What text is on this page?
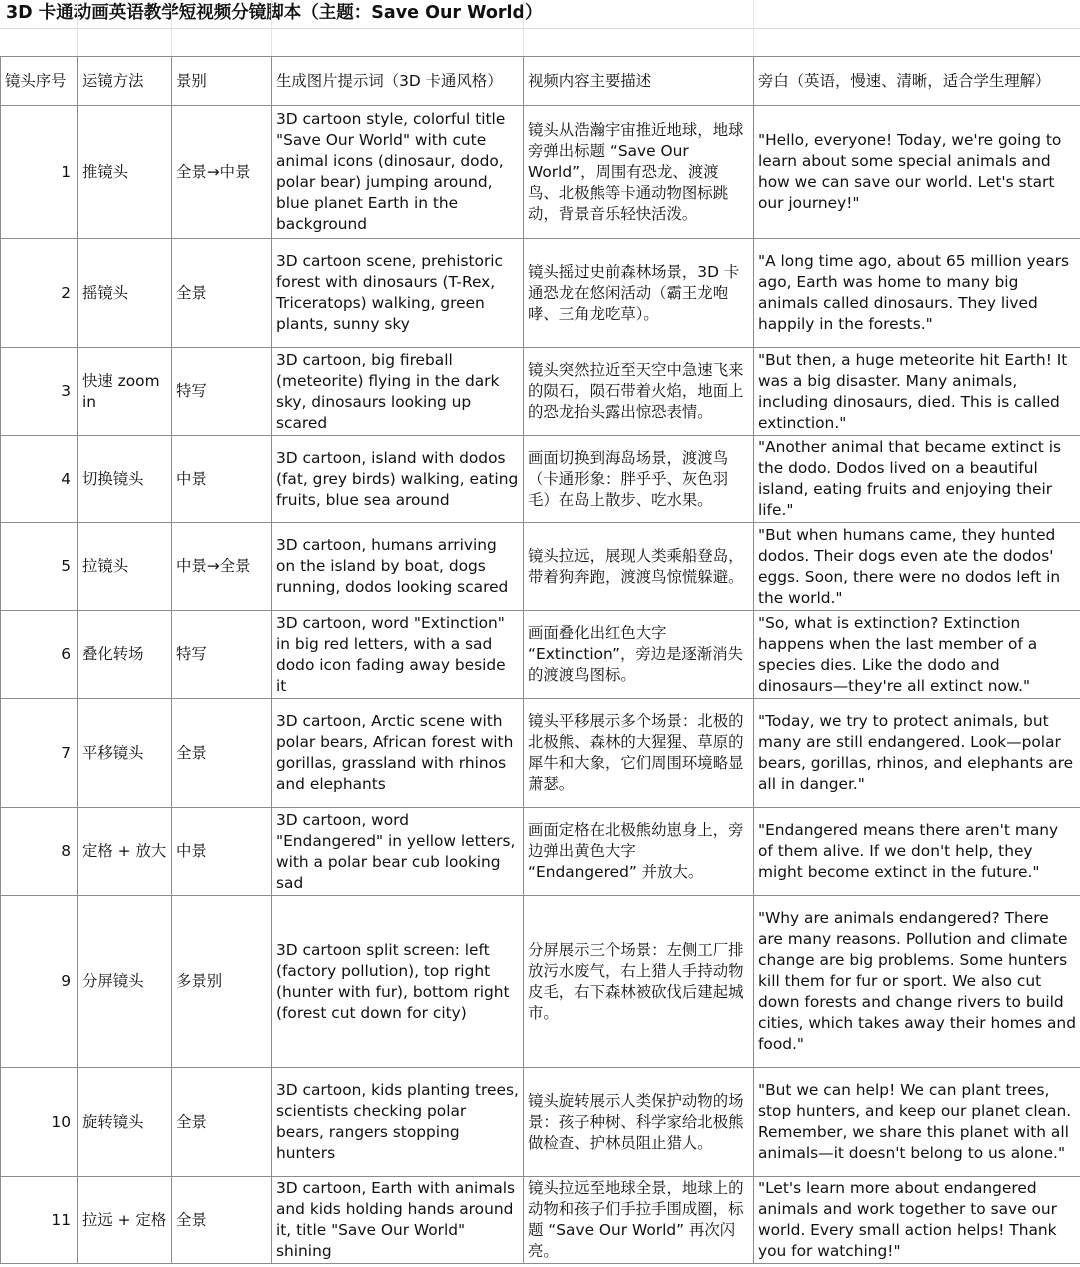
3D 卡通动画英语教学短视频分镜脚本（主题：Save Our World）
镜头序号	运镜方法	景别	生成图片提示词（3D 卡通风格）	视频内容主要描述	旁白（英语，慢速、清晰，适合学生理解）
1	推镜头	全景→中景	3D cartoon style, colorful title "Save Our World" with cute animal icons (dinosaur, dodo, polar bear) jumping around, blue planet Earth in the background	镜头从浩瀚宇宙推近地球，地球旁弹出标题 “Save Our World”，周围有恐龙、渡渡鸟、北极熊等卡通动物图标跳动，背景音乐轻快活泼。	"Hello, everyone! Today, we're going to learn about some special animals and how we can save our world. Let's start our journey!"
2	摇镜头	全景	3D cartoon scene, prehistoric forest with dinosaurs (T-Rex, Triceratops) walking, green plants, sunny sky	镜头摇过史前森林场景，3D 卡通恐龙在悠闲活动（霸王龙咆哮、三角龙吃草）。	"A long time ago, about 65 million years ago, Earth was home to many big animals called dinosaurs. They lived happily in the forests."
3	快速 zoom in	特写	3D cartoon, big fireball (meteorite) flying in the dark sky, dinosaurs looking up scared	镜头突然拉近至天空中急速飞来的陨石，陨石带着火焰，地面上的恐龙抬头露出惊恐表情。	"But then, a huge meteorite hit Earth! It was a big disaster. Many animals, including dinosaurs, died. This is called extinction."
4	切换镜头	中景	3D cartoon, island with dodos (fat, grey birds) walking, eating fruits, blue sea around	画面切换到海岛场景，渡渡鸟（卡通形象：胖乎乎、灰色羽毛）在岛上散步、吃水果。	"Another animal that became extinct is the dodo. Dodos lived on a beautiful island, eating fruits and enjoying their life."
5	拉镜头	中景→全景	3D cartoon, humans arriving on the island by boat, dogs running, dodos looking scared	镜头拉远，展现人类乘船登岛，带着狗奔跑，渡渡鸟惊慌躲避。	"But when humans came, they hunted dodos. Their dogs even ate the dodos' eggs. Soon, there were no dodos left in the world."
6	叠化转场	特写	3D cartoon, word "Extinction" in big red letters, with a sad dodo icon fading away beside it	画面叠化出红色大字 “Extinction”，旁边是逐渐消失的渡渡鸟图标。	"So, what is extinction? Extinction happens when the last member of a species dies. Like the dodo and dinosaurs—they're all extinct now."
7	平移镜头	全景	3D cartoon, Arctic scene with polar bears, African forest with gorillas, grassland with rhinos and elephants	镜头平移展示多个场景：北极的北极熊、森林的大猩猩、草原的犀牛和大象，它们周围环境略显萧瑟。	"Today, we try to protect animals, but many are still endangered. Look—polar bears, gorillas, rhinos, and elephants are all in danger."
8	定格 + 放大	中景	3D cartoon, word "Endangered" in yellow letters, with a polar bear cub looking sad	画面定格在北极熊幼崽身上，旁边弹出黄色大字 “Endangered” 并放大。	"Endangered means there aren't many of them alive. If we don't help, they might become extinct in the future."
9	分屏镜头	多景别	3D cartoon split screen: left (factory pollution), top right (hunter with fur), bottom right (forest cut down for city)	分屏展示三个场景：左侧工厂排放污水废气，右上猎人手持动物皮毛，右下森林被砍伐后建起城市。	"Why are animals endangered? There are many reasons. Pollution and climate change are big problems. Some hunters kill them for fur or sport. We also cut down forests and change rivers to build cities, which takes away their homes and food."
10	旋转镜头	全景	3D cartoon, kids planting trees, scientists checking polar bears, rangers stopping hunters	镜头旋转展示人类保护动物的场景：孩子种树、科学家给北极熊做检查、护林员阻止猎人。	"But we can help! We can plant trees, stop hunters, and keep our planet clean. Remember, we share this planet with all animals—it doesn't belong to us alone."
11	拉远 + 定格	全景	3D cartoon, Earth with animals and kids holding hands around it, title "Save Our World" shining	镜头拉远至地球全景，地球上的动物和孩子们手拉手围成圈，标题 “Save Our World” 再次闪亮。	"Let's learn more about endangered animals and work together to save our world. Every small action helps! Thank you for watching!"
